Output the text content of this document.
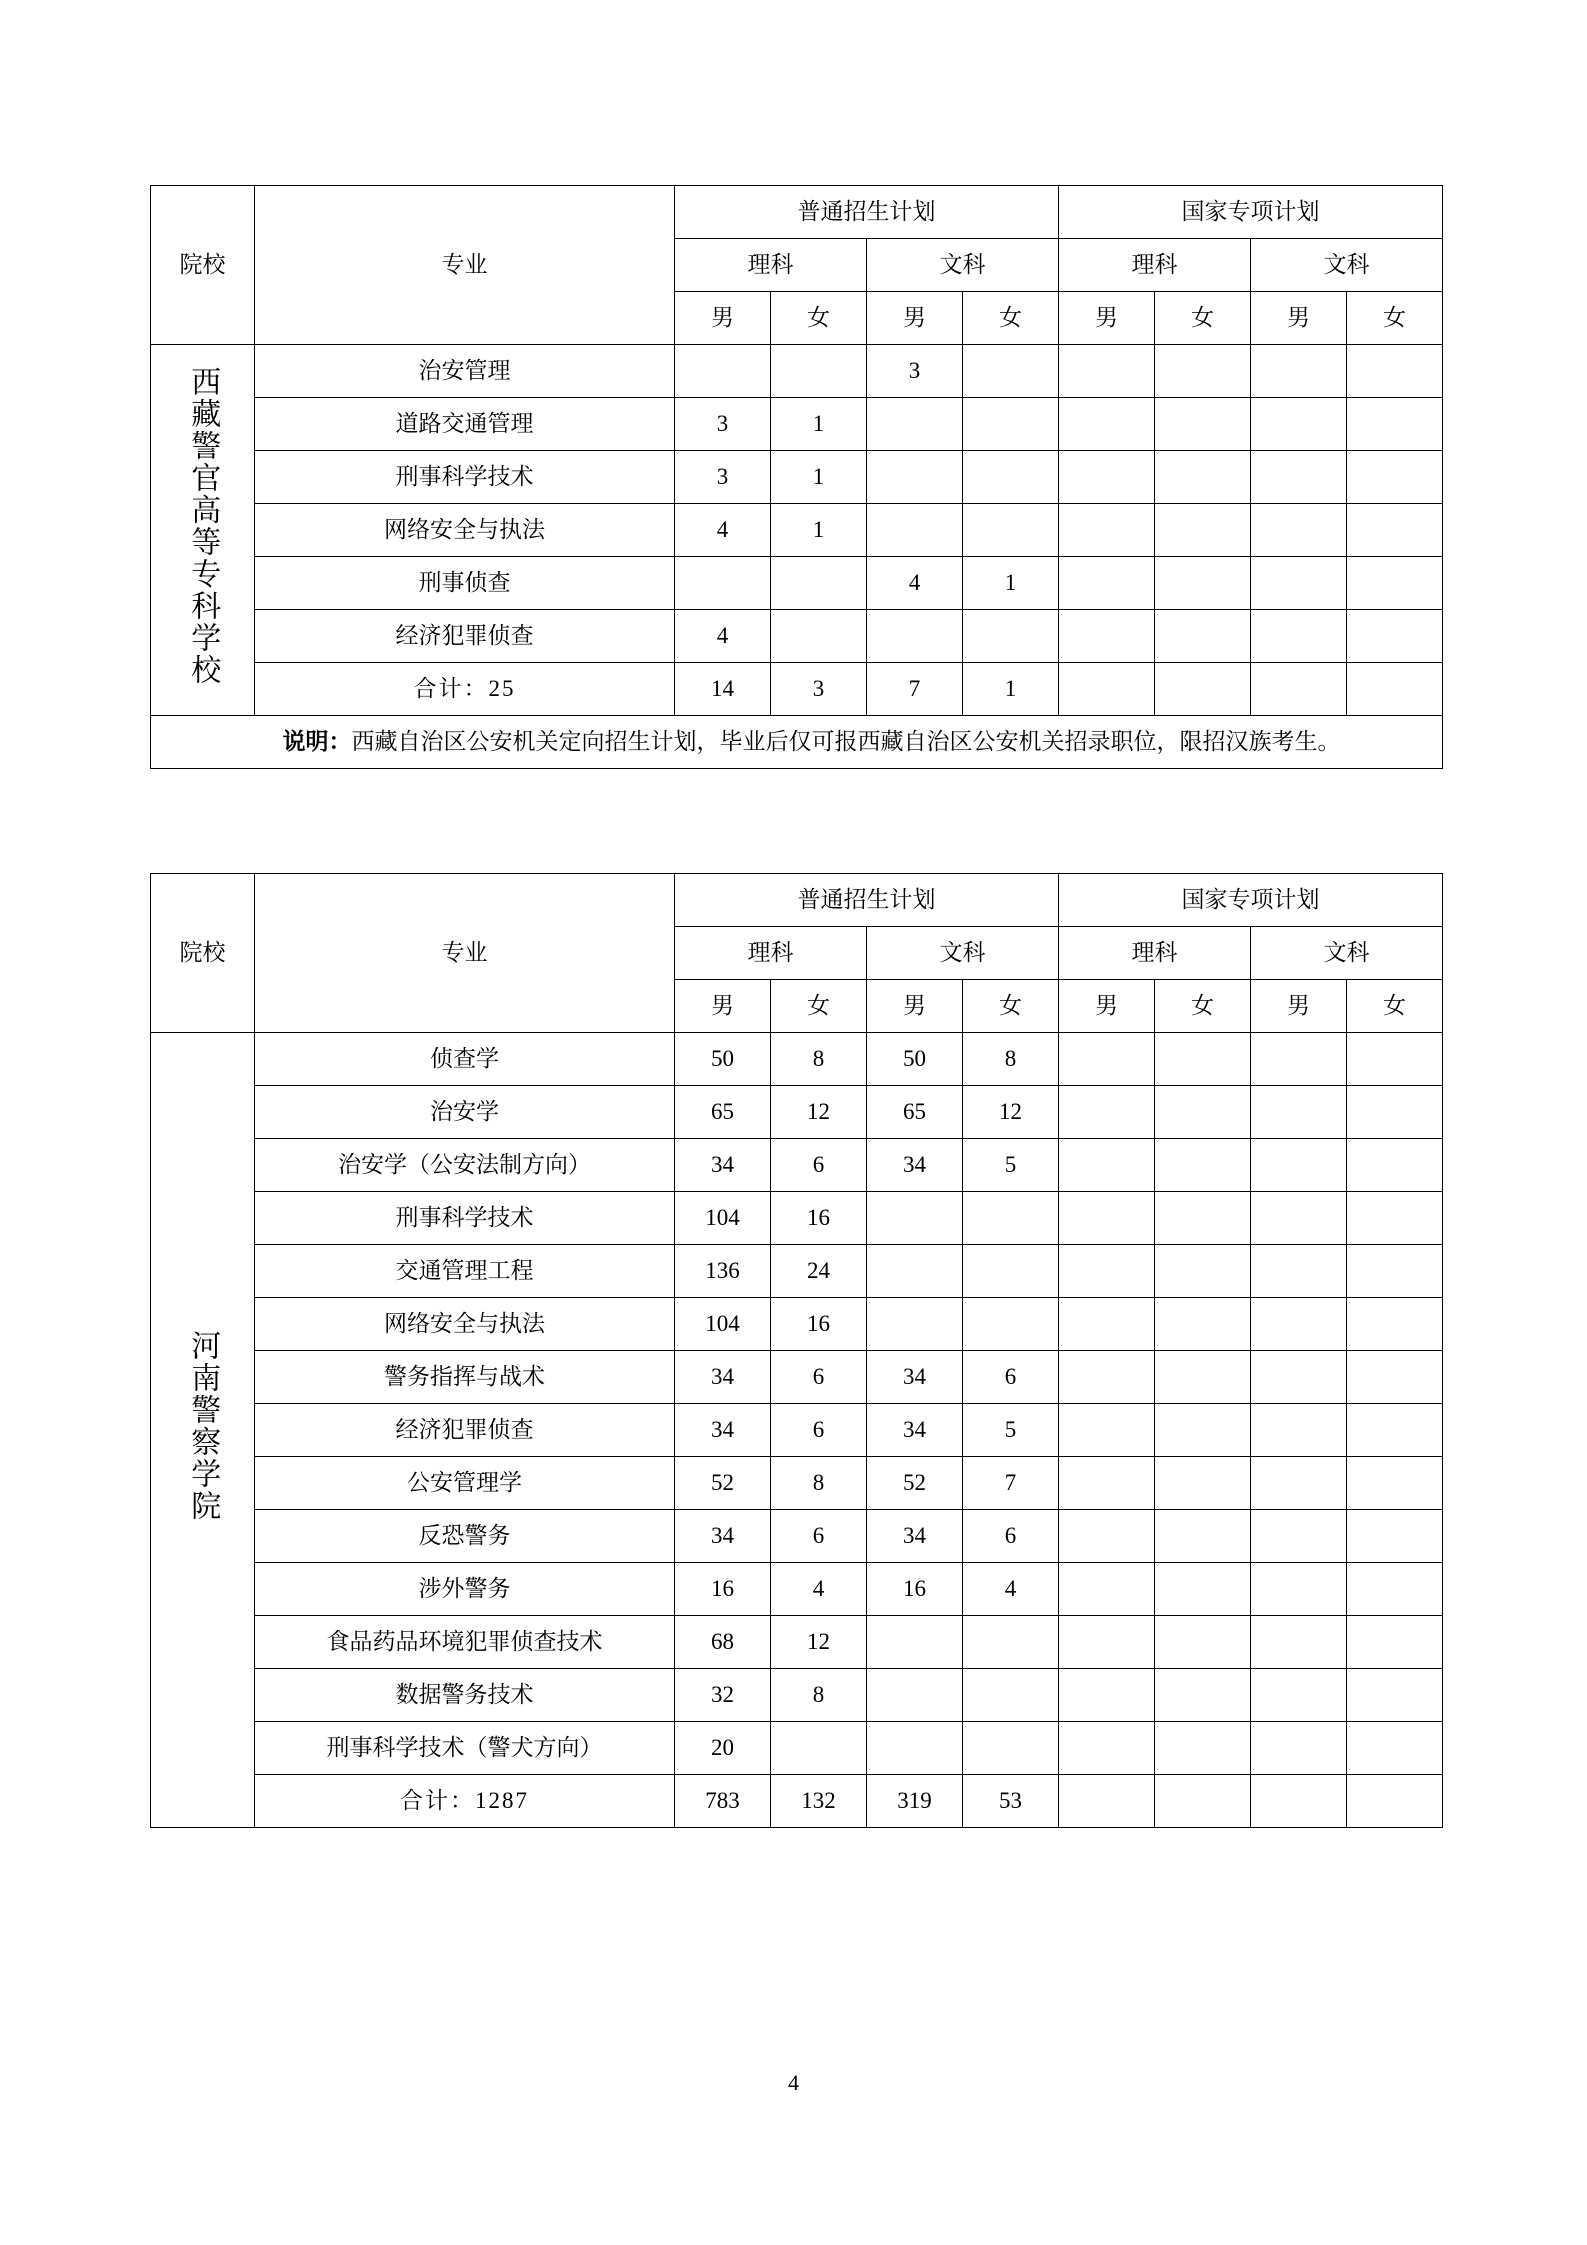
院校	专业	普通招生计划				国家专项计划			
		理科		文科		理科		文科	
		男	女	男	女	男	女	男	女
西藏警官高等专科学校	治安管理			3					
	道路交通管理	3	1						
	刑事科学技术	3	1						
	网络安全与执法	4	1						
	刑事侦查			4	1				
	经济犯罪侦查	4							
	合计：25	14	3	7	1				
说明：西藏自治区公安机关定向招生计划，毕业后仅可报西藏自治区公安机关招录职位，限招汉族考生。									
院校	专业	普通招生计划				国家专项计划			
		理科		文科		理科		文科	
		男	女	男	女	男	女	男	女
河南警察学院	侦查学	50	8	50	8				
	治安学	65	12	65	12				
	治安学（公安法制方向）	34	6	34	5				
	刑事科学技术	104	16						
	交通管理工程	136	24						
	网络安全与执法	104	16						
	警务指挥与战术	34	6	34	6				
	经济犯罪侦查	34	6	34	5				
	公安管理学	52	8	52	7				
	反恐警务	34	6	34	6				
	涉外警务	16	4	16	4				
	食品药品环境犯罪侦查技术	68	12						
	数据警务技术	32	8						
	刑事科学技术（警犬方向）	20							
	合计：1287	783	132	319	53				
4
